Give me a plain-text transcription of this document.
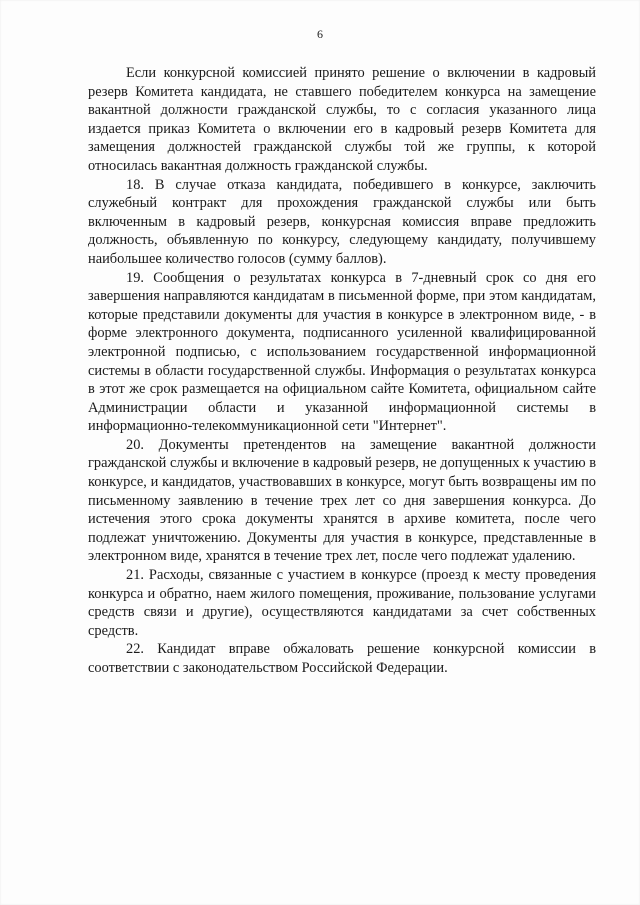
6

Если конкурсной комиссией принято решение о включении в кадровый резерв Комитета кандидата, не ставшего победителем конкурса на замещение вакантной должности гражданской службы, то с согласия указанного лица издается приказ Комитета о включении его в кадровый резерв Комитета для замещения должностей гражданской службы той же группы, к которой относилась вакантная должность гражданской службы.

18. В случае отказа кандидата, победившего в конкурсе, заключить служебный контракт для прохождения гражданской службы или быть включенным в кадровый резерв, конкурсная комиссия вправе предложить должность, объявленную по конкурсу, следующему кандидату, получившему наибольшее количество голосов (сумму баллов).

19. Сообщения о результатах конкурса в 7-дневный срок со дня его завершения направляются кандидатам в письменной форме, при этом кандидатам, которые представили документы для участия в конкурсе в электронном виде, - в форме электронного документа, подписанного усиленной квалифицированной электронной подписью, с использованием государственной информационной системы в области государственной службы. Информация о результатах конкурса в этот же срок размещается на официальном сайте Комитета, официальном сайте Администрации области и указанной информационной системы в информационно-телекоммуникационной сети "Интернет".

20. Документы претендентов на замещение вакантной должности гражданской службы и включение в кадровый резерв, не допущенных к участию в конкурсе, и кандидатов, участвовавших в конкурсе, могут быть возвращены им по письменному заявлению в течение трех лет со дня завершения конкурса. До истечения этого срока документы хранятся в архиве комитета, после чего подлежат уничтожению. Документы для участия в конкурсе, представленные в электронном виде, хранятся в течение трех лет, после чего подлежат удалению.

21. Расходы, связанные с участием в конкурсе (проезд к месту проведения конкурса и обратно, наем жилого помещения, проживание, пользование услугами средств связи и другие), осуществляются кандидатами за счет собственных средств.

22. Кандидат вправе обжаловать решение конкурсной комиссии в соответствии с законодательством Российской Федерации.
